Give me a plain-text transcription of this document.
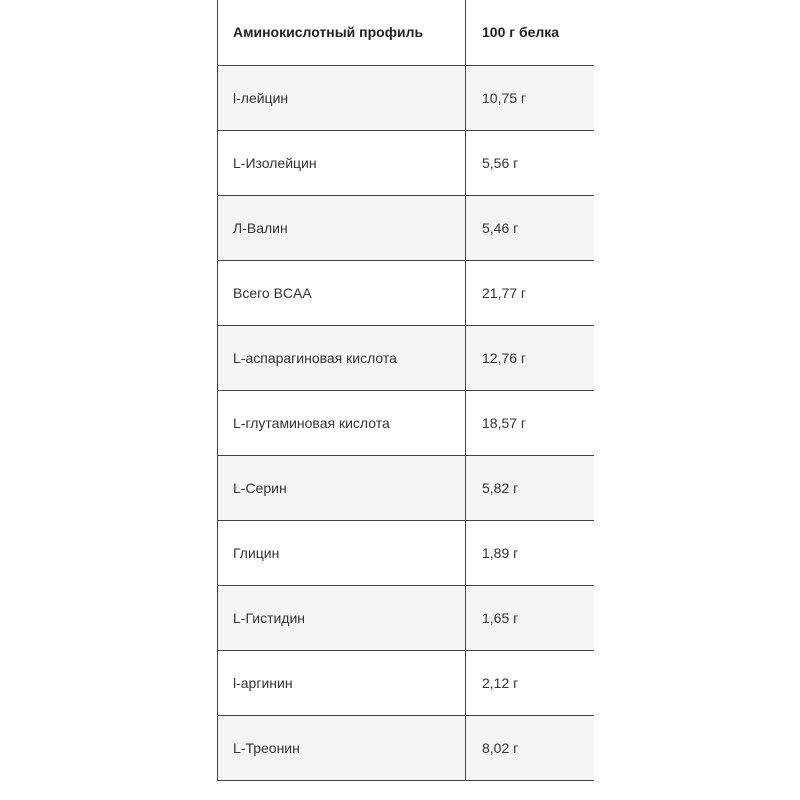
Аминокислотный профиль	100 г белка
l-лейцин	10,75 г
L-Изолейцин	5,56 г
Л-Валин	5,46 г
Всего BCAA	21,77 г
L-аспарагиновая кислота	12,76 г
L-глутаминовая кислота	18,57 г
L-Серин	5,82 г
Глицин	1,89 г
L-Гистидин	1,65 г
l-аргинин	2,12 г
L-Треонин	8,02 г
